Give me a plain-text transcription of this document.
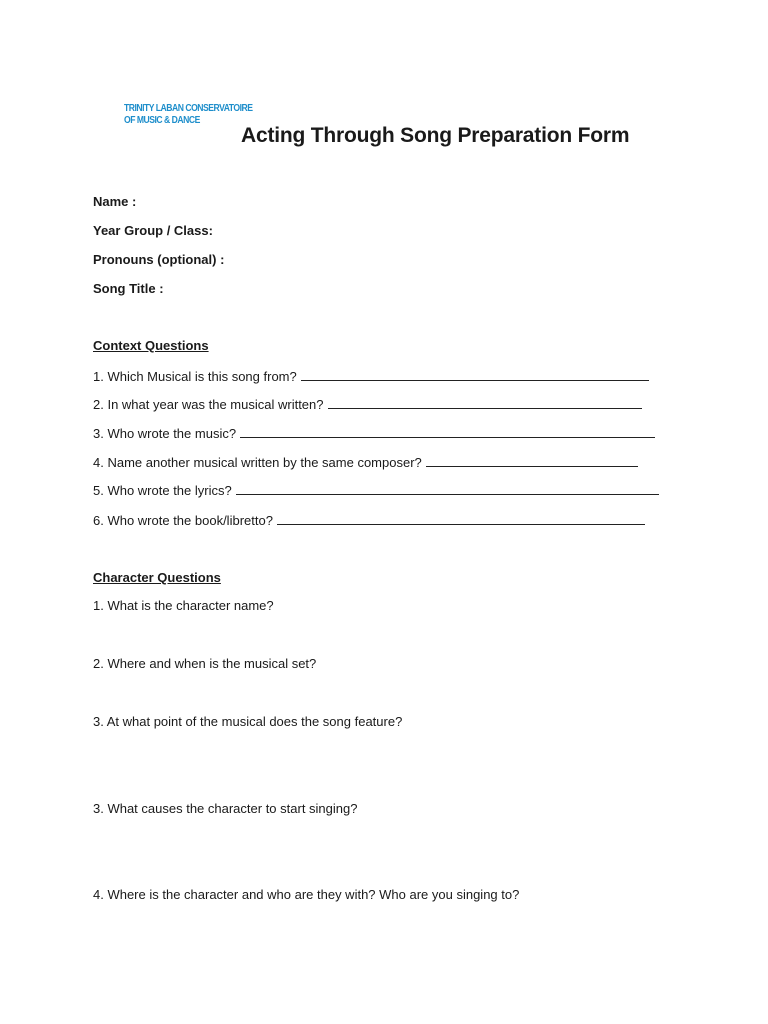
TRINITY LABAN CONSERVATOIRE
OF MUSIC & DANCE
Acting Through Song Preparation Form
Name :
Year Group / Class:
Pronouns (optional) :
Song Title :
Context Questions
1. Which Musical is this song from?
2. In what year was the musical written?
3. Who wrote the music?
4. Name another musical written by the same composer?
5. Who wrote the lyrics?
6. Who wrote the book/libretto?
Character Questions
1. What is the character name?
2. Where and when is the musical set?
3. At what point of the musical does the song feature?
3. What causes the character to start singing?
4. Where is the character and who are they with? Who are you singing to?
